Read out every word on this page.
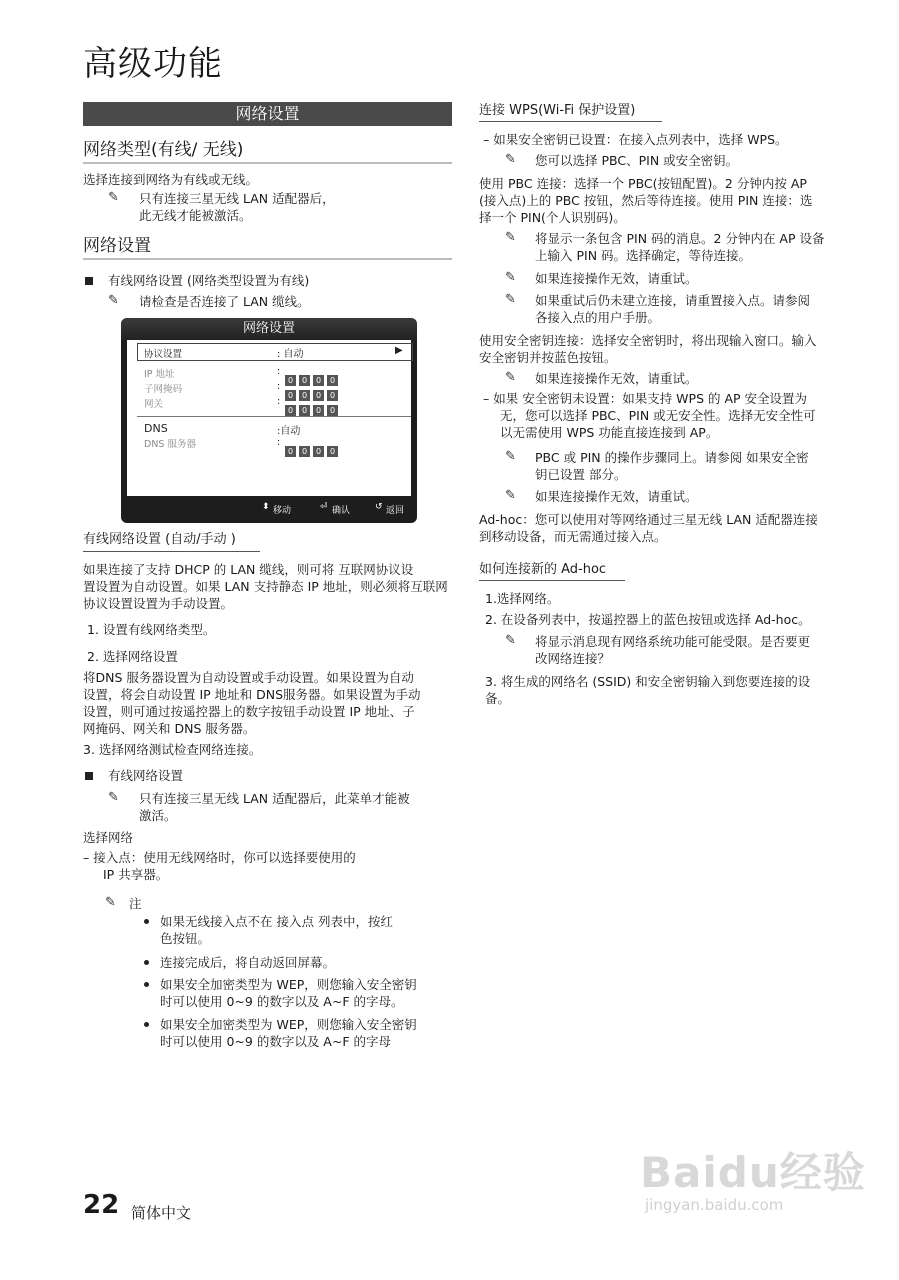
高级功能
网络设置
网络类型(有线/ 无线)
选择连接到网络为有线或无线。
✎ 只有连接三星无线 LAN 适配器后，
此无线才能被激活。
网络设置
有线网络设置 (网络类型设置为有线)
✎ 请检查是否连接了 LAN 缆线。
网络设置
协议设置	: 自动	▶
IP 地址	:
0 0 0 0
子网掩码	:
0 0 0 0
网关	:
0 0 0 0
DNS	:自动
DNS 服务器	:
0 0 0 0
⬍ 移动	⏎ 确认	↺ 返回
有线网络设置 (自动/手动 )
如果连接了支持 DHCP 的 LAN 缆线，则可将 互联网协议设
置设置为自动设置。如果 LAN 支持静态 IP 地址，则必须将互联网
协议设置设置为手动设置。
1. 设置有线网络类型。
2. 选择网络设置
将DNS 服务器设置为自动设置或手动设置。如果设置为自动
设置，将会自动设置 IP 地址和 DNS服务器。如果设置为手动
设置，则可通过按遥控器上的数字按钮手动设置 IP 地址、子
网掩码、网关和 DNS 服务器。
3. 选择网络测试检查网络连接。
有线网络设置
✎ 只有连接三星无线 LAN 适配器后，此菜单才能被
激活。
选择网络
– 接入点：使用无线网络时，你可以选择要使用的
IP 共享器。
✎ 注
如果无线接入点不在 接入点 列表中，按红
色按钮。
连接完成后，将自动返回屏幕。
如果安全加密类型为 WEP，则您输入安全密钥
时可以使用 0~9 的数字以及 A~F 的字母。
如果安全加密类型为 WEP，则您输入安全密钥
时可以使用 0~9 的数字以及 A~F 的字母
连接 WPS(Wi-Fi 保护设置)
– 如果安全密钥已设置：在接入点列表中，选择 WPS。
✎ 您可以选择 PBC、PIN 或安全密钥。
使用 PBC 连接：选择一个 PBC(按钮配置)。2 分钟内按 AP
(接入点)上的 PBC 按钮，然后等待连接。使用 PIN 连接：选
择一个 PIN(个人识别码)。
✎ 将显示一条包含 PIN 码的消息。2 分钟内在 AP 设备
上输入 PIN 码。选择确定，等待连接。
✎ 如果连接操作无效，请重试。
✎ 如果重试后仍未建立连接，请重置接入点。请参阅
各接入点的用户手册。
使用安全密钥连接：选择安全密钥时，将出现输入窗口。输入
安全密钥并按蓝色按钮。
✎ 如果连接操作无效，请重试。
– 如果 安全密钥未设置：如果支持 WPS 的 AP 安全设置为
无，您可以选择 PBC、PIN 或无安全性。选择无安全性可
以无需使用 WPS 功能直接连接到 AP。
✎ PBC 或 PIN 的操作步骤同上。请参阅 如果安全密
钥已设置 部分。
✎ 如果连接操作无效，请重试。
Ad-hoc：您可以使用对等网络通过三星无线 LAN 适配器连接
到移动设备，而无需通过接入点。
如何连接新的 Ad-hoc
1.选择网络。
2. 在设备列表中，按遥控器上的蓝色按钮或选择 Ad-hoc。
✎ 将显示消息现有网络系统功能可能受限。是否要更
改网络连接？
3. 将生成的网络名 (SSID) 和安全密钥输入到您要连接的设
备。
22 简体中文
Baidu经验
jingyan.baidu.com
